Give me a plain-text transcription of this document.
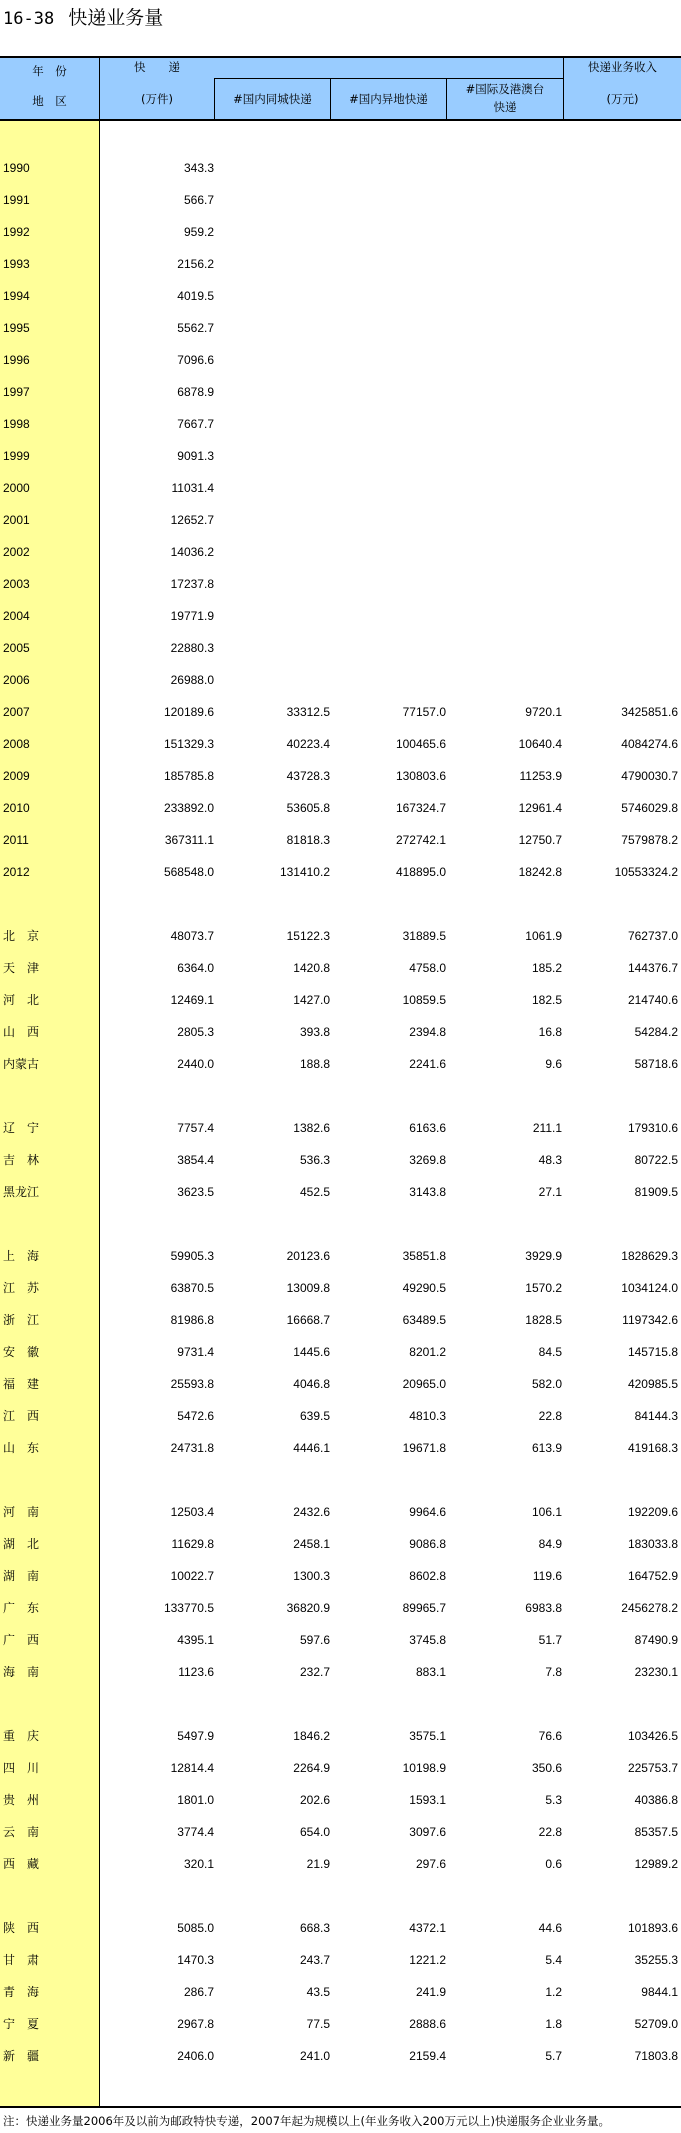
16-38 快递业务量
年　份
地　区
快　　递
(万件)	#国内同城快递	#国内异地快递
#国际及港澳台
快递
快递业务收入
(万元)
1990	343.3
1991	566.7
1992	959.2
1993	2156.2
1994	4019.5
1995	5562.7
1996	7096.6
1997	6878.9
1998	7667.7
1999	9091.3
2000	11031.4
2001	12652.7
2002	14036.2
2003	17237.8
2004	19771.9
2005	22880.3
2006	26988.0
2007	120189.6	33312.5	77157.0	9720.1	3425851.6
2008	151329.3	40223.4	100465.6	10640.4	4084274.6
2009	185785.8	43728.3	130803.6	11253.9	4790030.7
2010	233892.0	53605.8	167324.7	12961.4	5746029.8
2011	367311.1	81818.3	272742.1	12750.7	7579878.2
2012	568548.0	131410.2	418895.0	18242.8	10553324.2
北　京	48073.7	15122.3	31889.5	1061.9	762737.0
天　津	6364.0	1420.8	4758.0	185.2	144376.7
河　北	12469.1	1427.0	10859.5	182.5	214740.6
山　西	2805.3	393.8	2394.8	16.8	54284.2
内蒙古	2440.0	188.8	2241.6	9.6	58718.6
辽　宁	7757.4	1382.6	6163.6	211.1	179310.6
吉　林	3854.4	536.3	3269.8	48.3	80722.5
黑龙江	3623.5	452.5	3143.8	27.1	81909.5
上　海	59905.3	20123.6	35851.8	3929.9	1828629.3
江　苏	63870.5	13009.8	49290.5	1570.2	1034124.0
浙　江	81986.8	16668.7	63489.5	1828.5	1197342.6
安　徽	9731.4	1445.6	8201.2	84.5	145715.8
福　建	25593.8	4046.8	20965.0	582.0	420985.5
江　西	5472.6	639.5	4810.3	22.8	84144.3
山　东	24731.8	4446.1	19671.8	613.9	419168.3
河　南	12503.4	2432.6	9964.6	106.1	192209.6
湖　北	11629.8	2458.1	9086.8	84.9	183033.8
湖　南	10022.7	1300.3	8602.8	119.6	164752.9
广　东	133770.5	36820.9	89965.7	6983.8	2456278.2
广　西	4395.1	597.6	3745.8	51.7	87490.9
海　南	1123.6	232.7	883.1	7.8	23230.1
重　庆	5497.9	1846.2	3575.1	76.6	103426.5
四　川	12814.4	2264.9	10198.9	350.6	225753.7
贵　州	1801.0	202.6	1593.1	5.3	40386.8
云　南	3774.4	654.0	3097.6	22.8	85357.5
西　藏	320.1	21.9	297.6	0.6	12989.2
陕　西	5085.0	668.3	4372.1	44.6	101893.6
甘　肃	1470.3	243.7	1221.2	5.4	35255.3
青　海	286.7	43.5	241.9	1.2	9844.1
宁　夏	2967.8	77.5	2888.6	1.8	52709.0
新　疆	2406.0	241.0	2159.4	5.7	71803.8
注：快递业务量2006年及以前为邮政特快专递，2007年起为规模以上(年业务收入200万元以上)快递服务企业业务量。
